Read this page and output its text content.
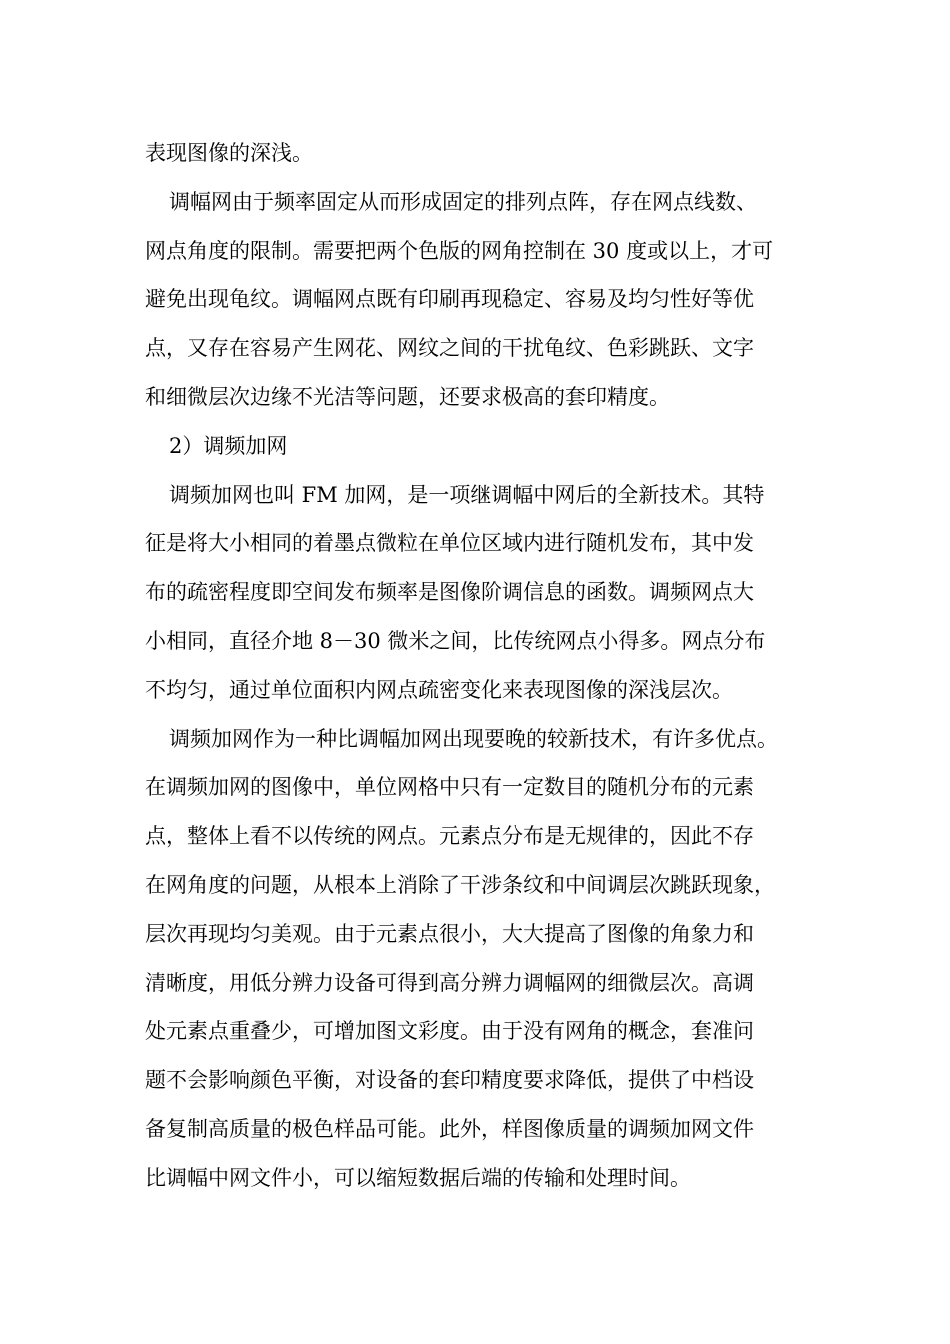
表现图像的深浅。
调幅网由于频率固定从而形成固定的排列点阵，存在网点线数、
网点角度的限制。需要把两个色版的网角控制在 30 度或以上，才可
避免出现龟纹。调幅网点既有印刷再现稳定、容易及均匀性好等优
点，又存在容易产生网花、网纹之间的干扰龟纹、色彩跳跃、文字
和细微层次边缘不光洁等问题，还要求极高的套印精度。
2）调频加网
调频加网也叫 FM 加网，是一项继调幅中网后的全新技术。其特
征是将大小相同的着墨点微粒在单位区域内进行随机发布，其中发
布的疏密程度即空间发布频率是图像阶调信息的函数。调频网点大
小相同，直径介地 8－30 微米之间，比传统网点小得多。网点分布
不均匀，通过单位面积内网点疏密变化来表现图像的深浅层次。
调频加网作为一种比调幅加网出现要晚的较新技术，有许多优点。
在调频加网的图像中，单位网格中只有一定数目的随机分布的元素
点，整体上看不以传统的网点。元素点分布是无规律的，因此不存
在网角度的问题，从根本上消除了干涉条纹和中间调层次跳跃现象，
层次再现均匀美观。由于元素点很小，大大提高了图像的角象力和
清晰度，用低分辨力设备可得到高分辨力调幅网的细微层次。高调
处元素点重叠少，可增加图文彩度。由于没有网角的概念，套准问
题不会影响颜色平衡，对设备的套印精度要求降低，提供了中档设
备复制高质量的极色样品可能。此外，样图像质量的调频加网文件
比调幅中网文件小，可以缩短数据后端的传输和处理时间。
